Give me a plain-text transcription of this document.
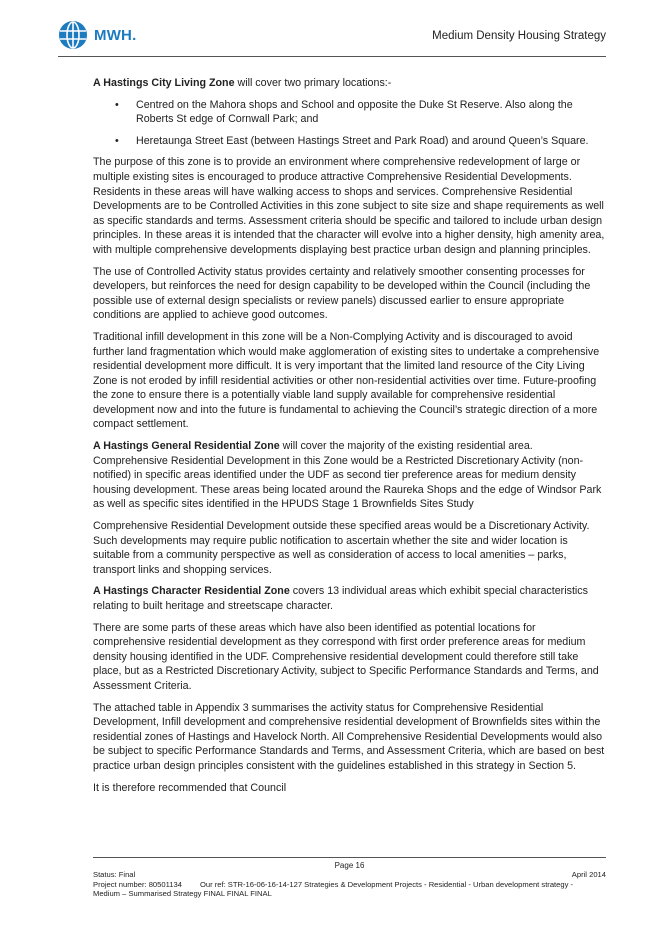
MWH.	Medium Density Housing Strategy

A Hastings City Living Zone will cover two primary locations:-

• Centred on the Mahora shops and School and opposite the Duke St Reserve. Also along the Roberts St edge of Cornwall Park; and
• Heretaunga Street East (between Hastings Street and Park Road) and around Queen’s Square.

The purpose of this zone is to provide an environment where comprehensive redevelopment of large or multiple existing sites is encouraged to produce attractive Comprehensive Residential Developments. Residents in these areas will have walking access to shops and services. Comprehensive Residential Developments are to be Controlled Activities in this zone subject to site size and shape requirements as well as specific standards and terms. Assessment criteria should be specific and tailored to include urban design principles. In these areas it is intended that the character will evolve into a higher density, high amenity area, with multiple comprehensive developments displaying best practice urban design and planning principles.

The use of Controlled Activity status provides certainty and relatively smoother consenting processes for developers, but reinforces the need for design capability to be developed within the Council (including the possible use of external design specialists or review panels) discussed earlier to ensure appropriate conditions are applied to achieve good outcomes.

Traditional infill development in this zone will be a Non-Complying Activity and is discouraged to avoid further land fragmentation which would make agglomeration of existing sites to undertake a comprehensive residential development more difficult. It is very important that the limited land resource of the City Living Zone is not eroded by infill residential activities or other non-residential activities over time. Future-proofing the zone to ensure there is a potentially viable land supply available for comprehensive residential development now and into the future is fundamental to achieving the Council’s strategic direction of a more compact settlement.

A Hastings General Residential Zone will cover the majority of the existing residential area. Comprehensive Residential Development in this Zone would be a Restricted Discretionary Activity (non-notified) in specific areas identified under the UDF as second tier preference areas for medium density housing development. These areas being located around the Raureka Shops and the edge of Windsor Park as well as specific sites identified in the HPUDS Stage 1 Brownfields Sites Study

Comprehensive Residential Development outside these specified areas would be a Discretionary Activity. Such developments may require public notification to ascertain whether the site and wider location is suitable from a community perspective as well as consideration of access to local amenities – parks, transport links and shopping services.

A Hastings Character Residential Zone covers 13 individual areas which exhibit special characteristics relating to built heritage and streetscape character.

There are some parts of these areas which have also been identified as potential locations for comprehensive residential development as they correspond with first order preference areas for medium density housing identified in the UDF. Comprehensive residential development could therefore still take place, but as a Restricted Discretionary Activity, subject to Specific Performance Standards and Terms, and Assessment Criteria.

The attached table in Appendix 3 summarises the activity status for Comprehensive Residential Development, Infill development and comprehensive residential development of Brownfields sites within the residential zones of Hastings and Havelock North. All Comprehensive Residential Developments would also be subject to specific Performance Standards and Terms, and Assessment Criteria, which are based on best practice urban design principles consistent with the guidelines established in this strategy in Section 5.

It is therefore recommended that Council

Page 16
Status: Final	April 2014
Project number: 80501134 Our ref: STR-16-06-16-14-127 Strategies & Development Projects - Residential - Urban development strategy -
Medium – Summarised Strategy FINAL FINAL FINAL
